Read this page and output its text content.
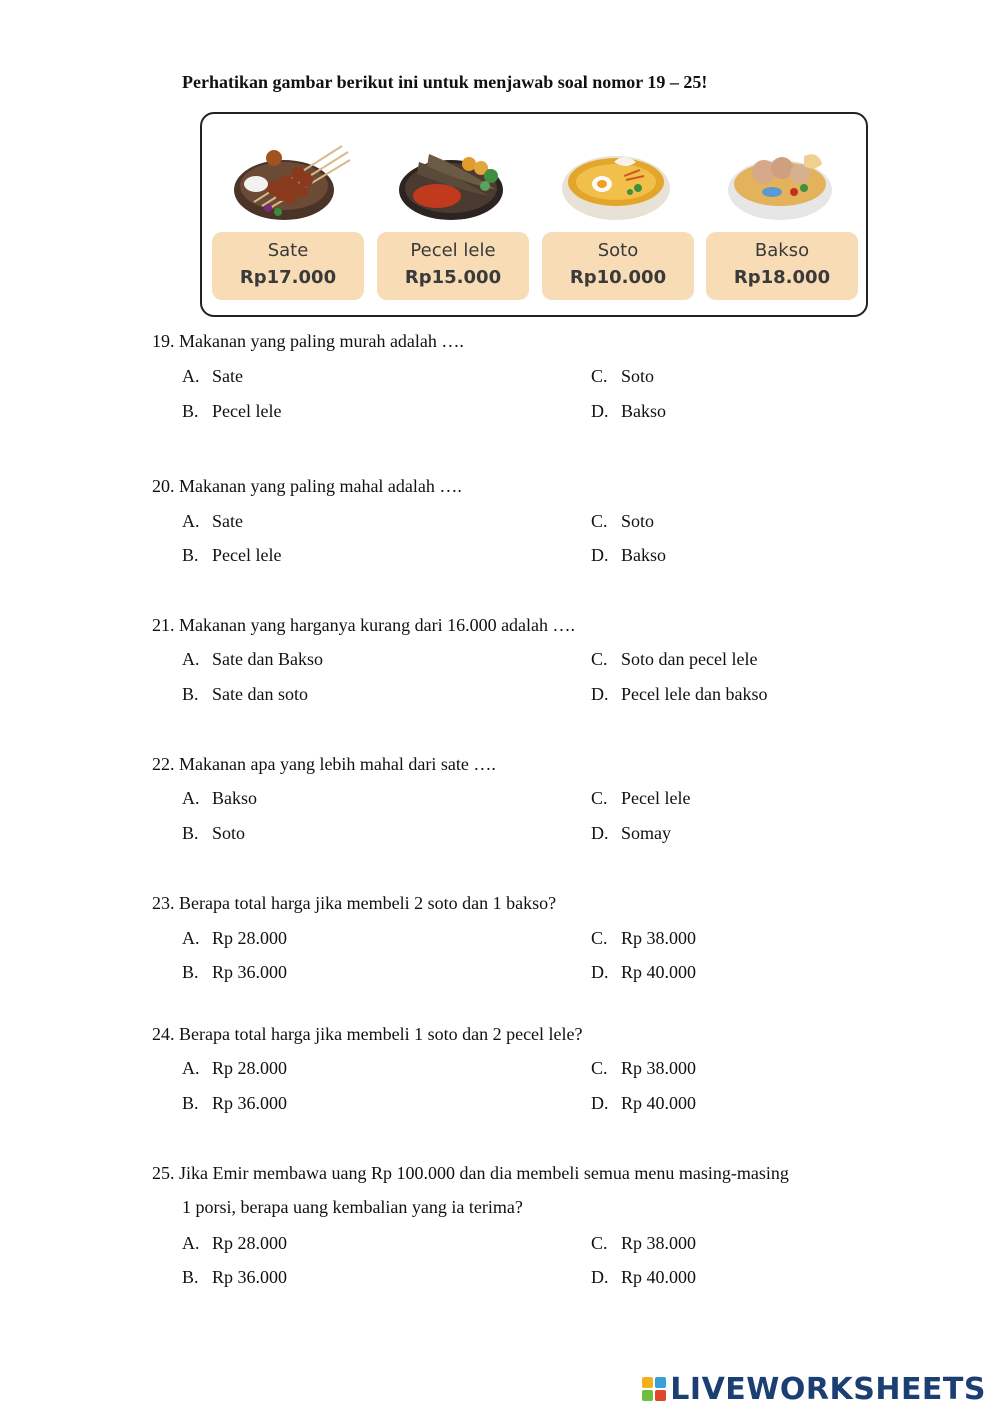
Perhatikan gambar berikut ini untuk menjawab soal nomor 19 – 25!
Sate
Rp17.000
Pecel lele
Rp15.000
Soto
Rp10.000
Bakso
Rp18.000
19. Makanan yang paling murah adalah ….
A. Sate
B. Pecel lele
C. Soto
D. Bakso
20. Makanan yang paling mahal adalah ….
A. Sate
B. Pecel lele
C. Soto
D. Bakso
21. Makanan yang harganya kurang dari 16.000 adalah ….
A. Sate dan Bakso
B. Sate dan soto
C. Soto dan pecel lele
D. Pecel lele dan bakso
22. Makanan apa yang lebih mahal dari sate ….
A. Bakso
B. Soto
C. Pecel lele
D. Somay
23. Berapa total harga jika membeli 2 soto dan 1 bakso?
A. Rp 28.000
B. Rp 36.000
C. Rp 38.000
D. Rp 40.000
24. Berapa total harga jika membeli 1 soto dan 2 pecel lele?
A. Rp 28.000
B. Rp 36.000
C. Rp 38.000
D. Rp 40.000
25. Jika Emir membawa uang Rp 100.000 dan dia membeli semua menu masing-masing
1 porsi, berapa uang kembalian yang ia terima?
A. Rp 28.000
B. Rp 36.000
C. Rp 38.000
D. Rp 40.000
LIVEWORKSHEETS
